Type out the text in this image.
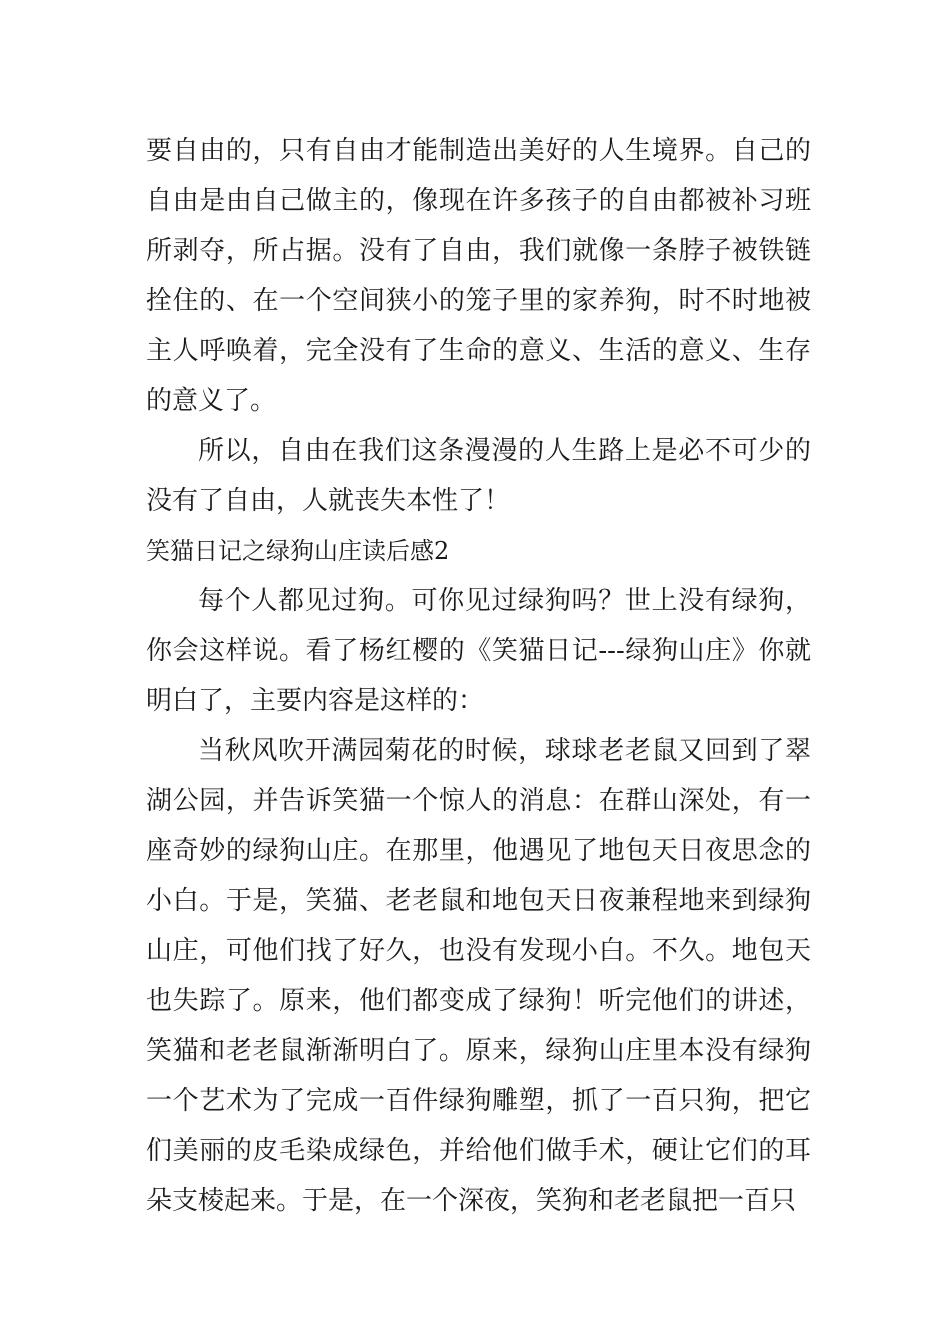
要自由的，只有自由才能制造出美好的人生境界。自己的自由是由自己做主的，像现在许多孩子的自由都被补习班所剥夺，所占据。没有了自由，我们就像一条脖子被铁链拴住的、在一个空间狭小的笼子里的家养狗，时不时地被主人呼唤着，完全没有了生命的意义、生活的意义、生存的意义了。

所以，自由在我们这条漫漫的人生路上是必不可少的没有了自由，人就丧失本性了！

笑猫日记之绿狗山庄读后感2

每个人都见过狗。可你见过绿狗吗？世上没有绿狗，你会这样说。看了杨红樱的《笑猫日记---绿狗山庄》你就明白了，主要内容是这样的：

当秋风吹开满园菊花的时候，球球老老鼠又回到了翠湖公园，并告诉笑猫一个惊人的消息：在群山深处，有一座奇妙的绿狗山庄。在那里，他遇见了地包天日夜思念的小白。于是，笑猫、老老鼠和地包天日夜兼程地来到绿狗山庄，可他们找了好久，也没有发现小白。不久。地包天也失踪了。原来，他们都变成了绿狗！听完他们的讲述，笑猫和老老鼠渐渐明白了。原来，绿狗山庄里本没有绿狗一个艺术为了完成一百件绿狗雕塑，抓了一百只狗，把它们美丽的皮毛染成绿色，并给他们做手术，硬让它们的耳朵支棱起来。于是，在一个深夜，笑狗和老老鼠把一百只
